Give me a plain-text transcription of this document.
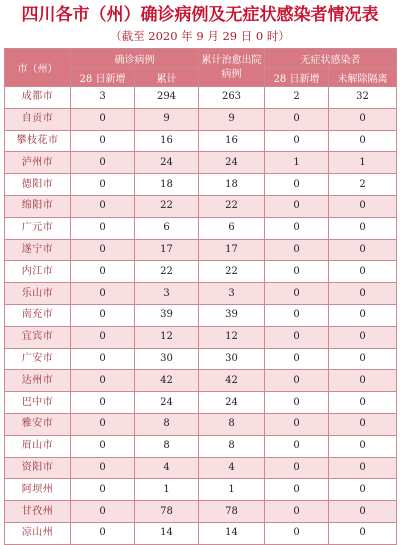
四川各市（州）确诊病例及无症状感染者情况表
（截至 2020 年 9 月 29 日 0 时）
市（州）	确诊病例		累计治愈出院病例	无症状感染者	
	28 日新增	累计		28 日新增	未解除隔离
成都市	3	294	263	2	32
自贡市	0	9	9	0	0
攀枝花市	0	16	16	0	0
泸州市	0	24	24	1	1
德阳市	0	18	18	0	2
绵阳市	0	22	22	0	0
广元市	0	6	6	0	0
遂宁市	0	17	17	0	0
内江市	0	22	22	0	0
乐山市	0	3	3	0	0
南充市	0	39	39	0	0
宜宾市	0	12	12	0	0
广安市	0	30	30	0	0
达州市	0	42	42	0	0
巴中市	0	24	24	0	0
雅安市	0	8	8	0	0
眉山市	0	8	8	0	0
资阳市	0	4	4	0	0
阿坝州	0	1	1	0	0
甘孜州	0	78	78	0	0
凉山州	0	14	14	0	0
